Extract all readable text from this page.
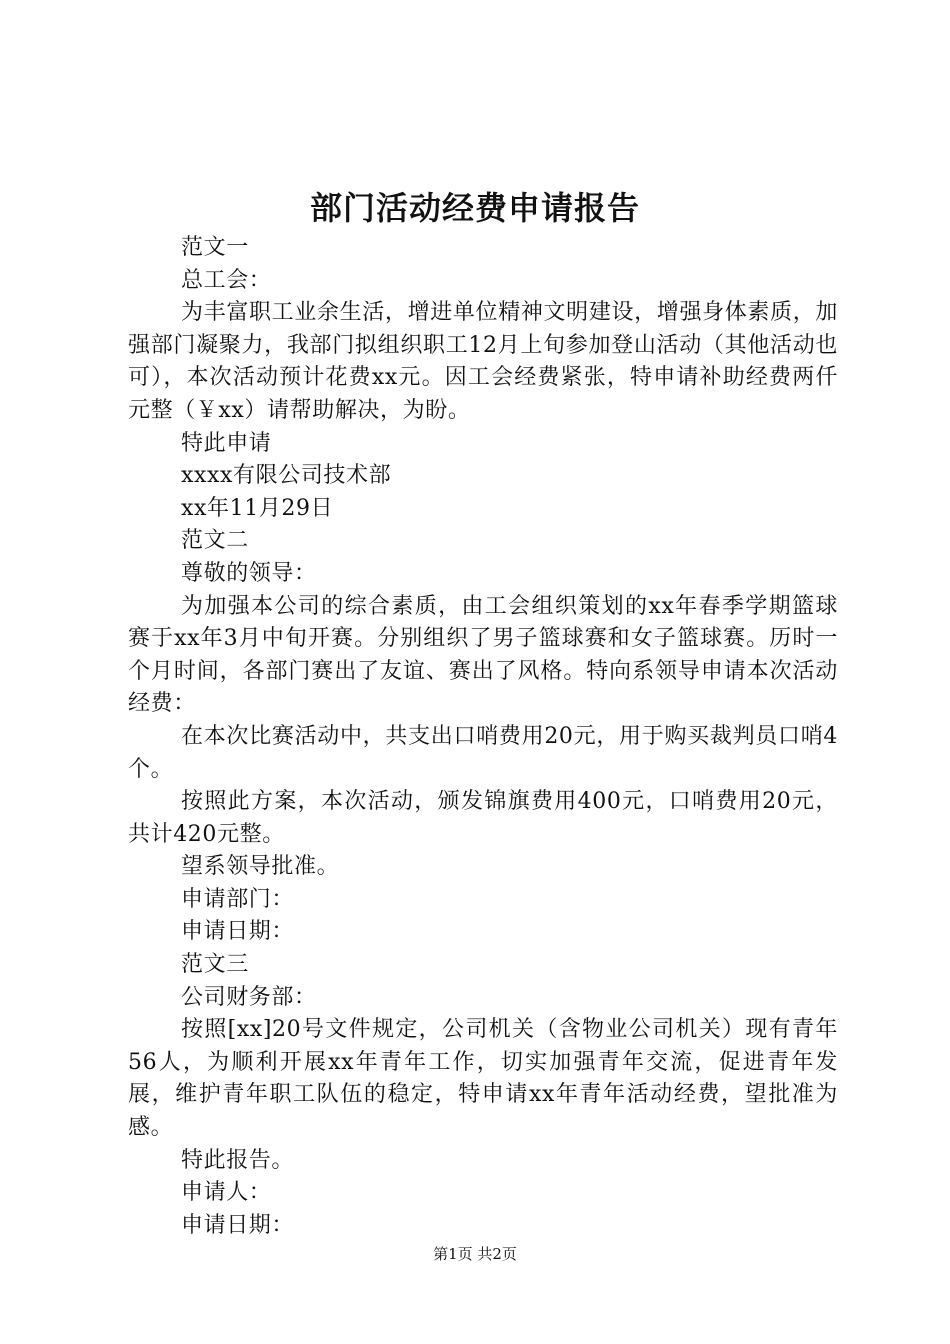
部门活动经费申请报告

范文一

总工会：

为丰富职工业余生活，增进单位精神文明建设，增强身体素质，加强部门凝聚力，我部门拟组织职工12月上旬参加登山活动（其他活动也可），本次活动预计花费xx元。因工会经费紧张，特申请补助经费两仟元整（￥xx）请帮助解决，为盼。

特此申请

xxxx有限公司技术部

xx年11月29日

范文二

尊敬的领导：

为加强本公司的综合素质，由工会组织策划的xx年春季学期篮球赛于xx年3月中旬开赛。分别组织了男子篮球赛和女子篮球赛。历时一个月时间，各部门赛出了友谊、赛出了风格。特向系领导申请本次活动经费：

在本次比赛活动中，共支出口哨费用20元，用于购买裁判员口哨4个。

按照此方案，本次活动，颁发锦旗费用400元，口哨费用20元，共计420元整。

望系领导批准。

申请部门：

申请日期：

范文三

公司财务部：

按照[xx]20号文件规定，公司机关（含物业公司机关）现有青年56人，为顺利开展xx年青年工作，切实加强青年交流，促进青年发展，维护青年职工队伍的稳定，特申请xx年青年活动经费，望批准为感。

特此报告。

申请人：

申请日期：

第1页 共2页
